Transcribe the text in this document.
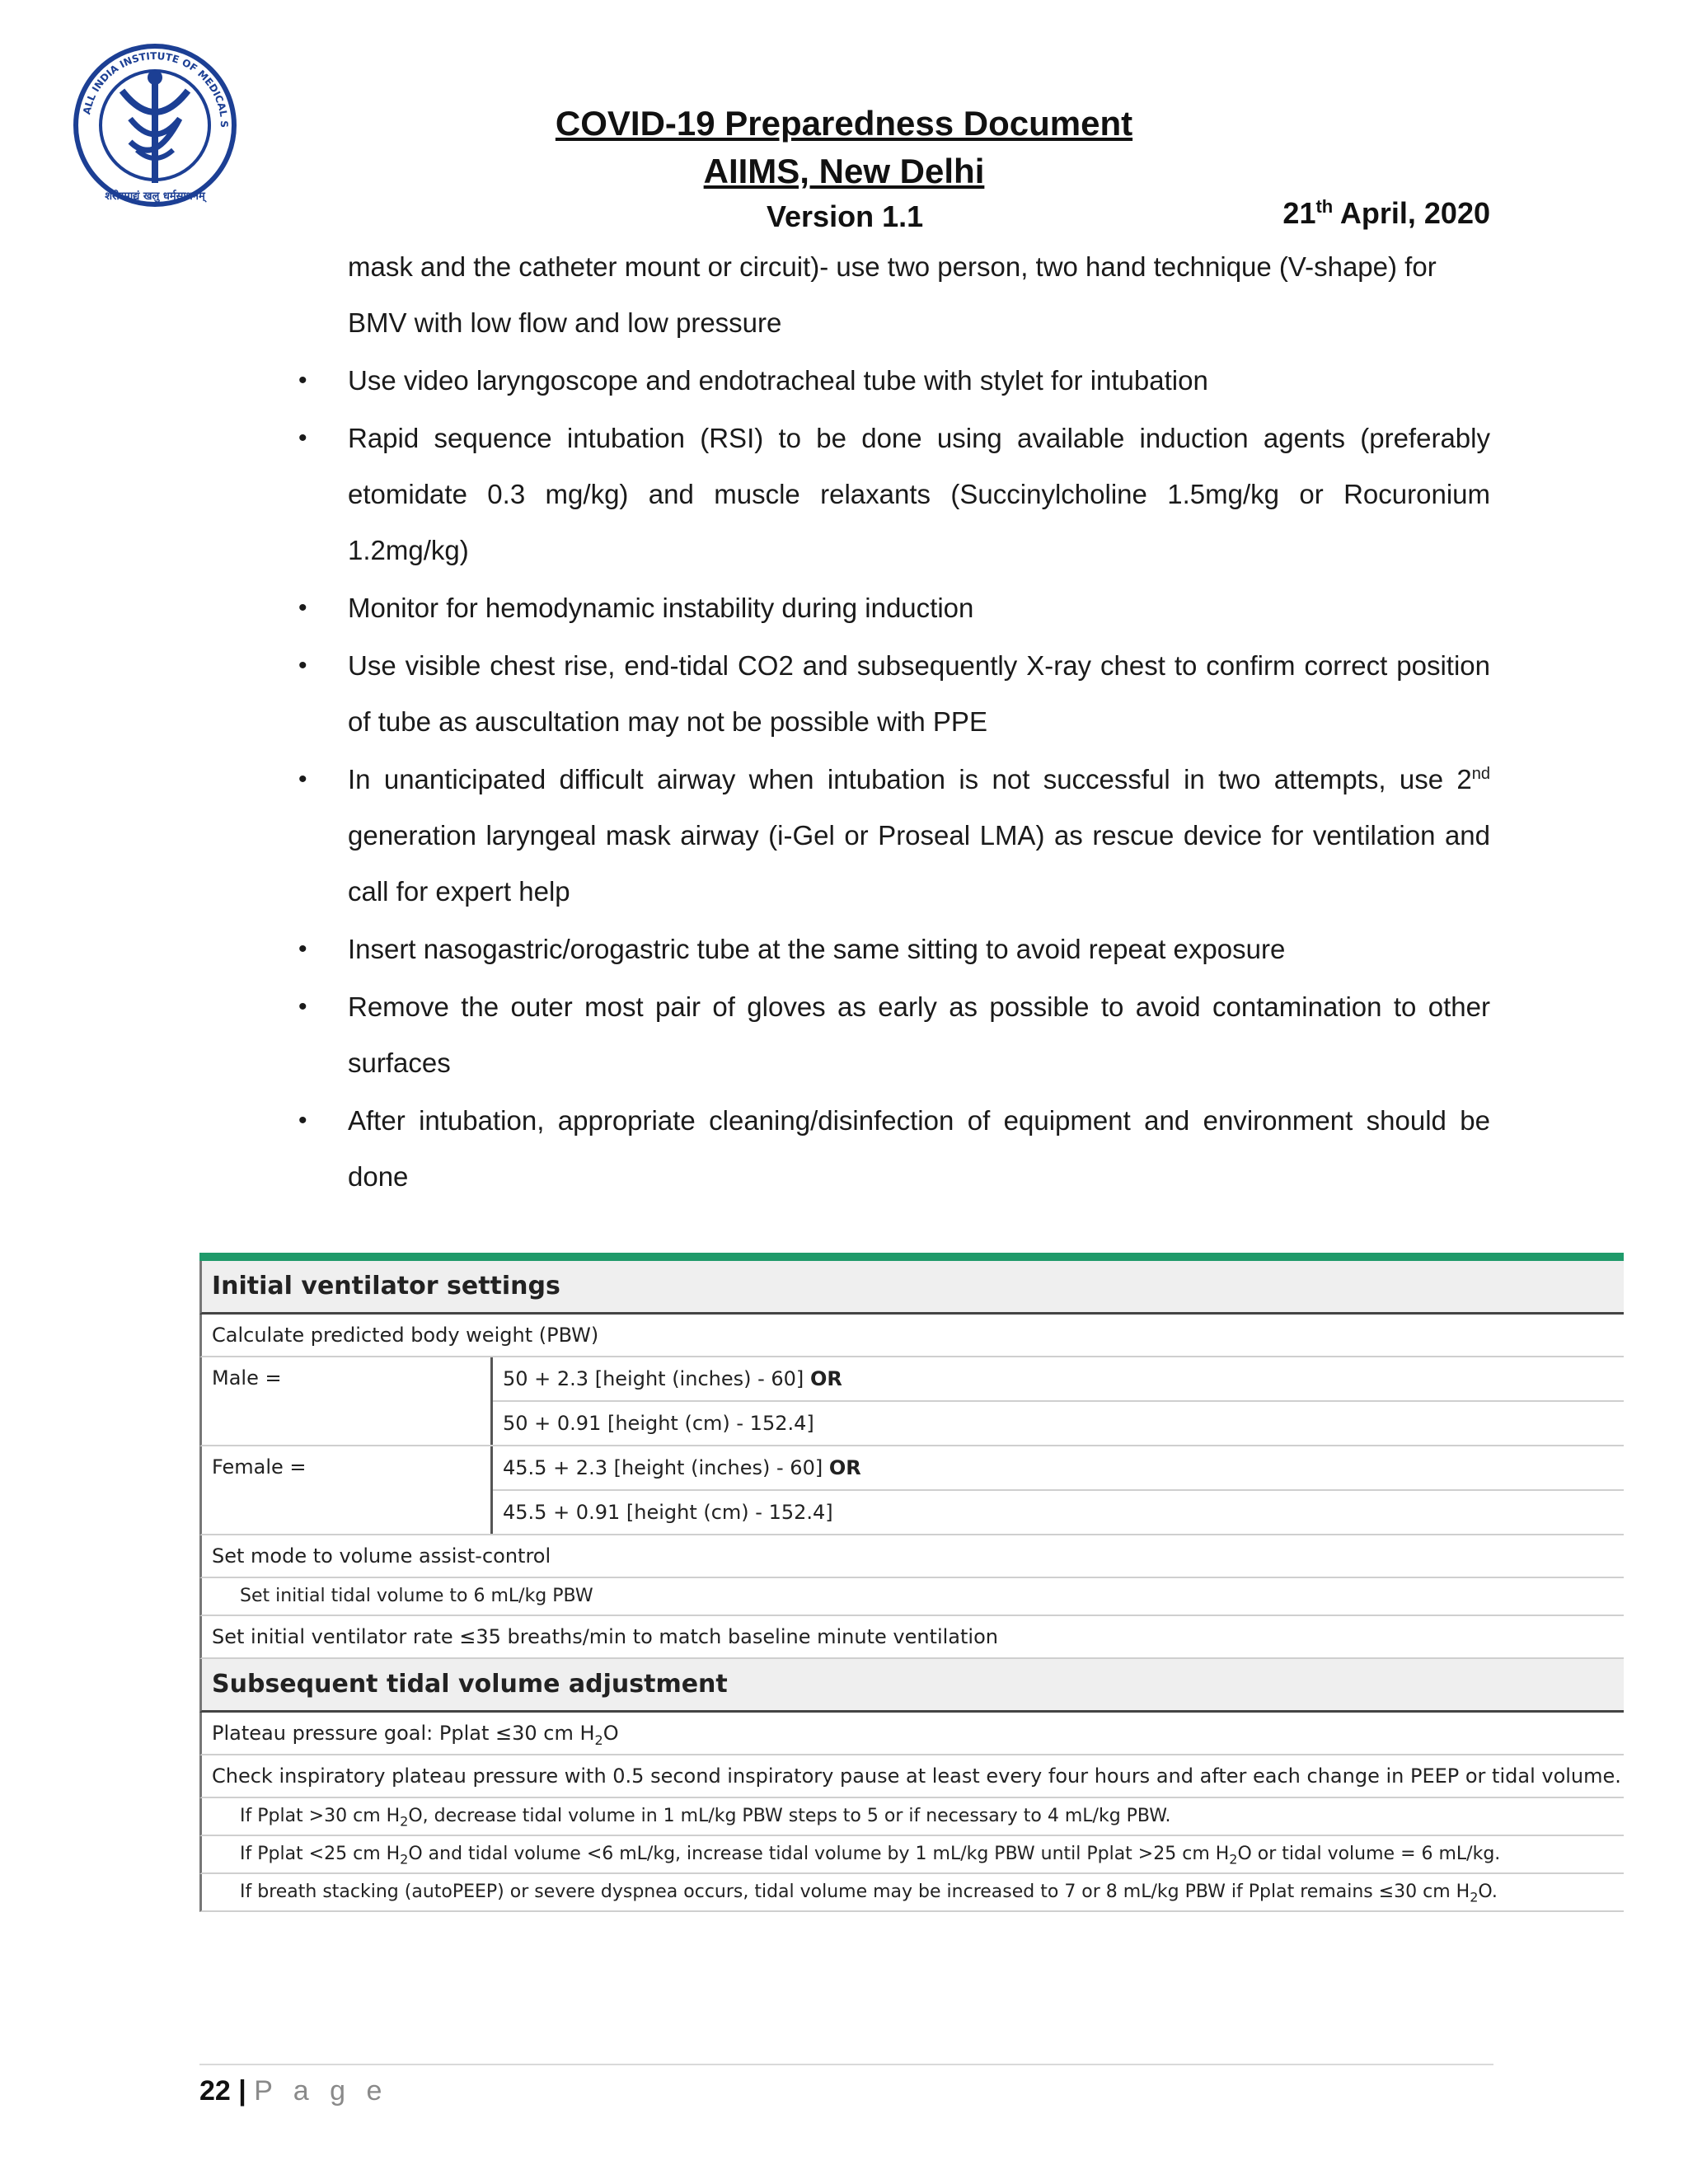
शरीरमाद्यं खलु धर्मसाधनम्
ALL INDIA INSTITUTE OF MEDICAL S	COVID-19 Preparedness Document
AIIMS, New Delhi
Version 1.1	21th April, 2020

mask and the catheter mount or circuit)- use two person, two hand technique (V-shape) for
BMV with low flow and low pressure

• Use video laryngoscope and endotracheal tube with stylet for intubation
• Rapid sequence intubation (RSI) to be done using available induction agents (preferably etomidate 0.3 mg/kg) and muscle relaxants (Succinylcholine 1.5mg/kg or Rocuronium 1.2mg/kg)
• Monitor for hemodynamic instability during induction
• Use visible chest rise, end-tidal CO2 and subsequently X-ray chest to confirm correct position of tube as auscultation may not be possible with PPE
• In unanticipated difficult airway when intubation is not successful in two attempts, use 2nd generation laryngeal mask airway (i-Gel or Proseal LMA) as rescue device for ventilation and call for expert help
• Insert nasogastric/orogastric tube at the same sitting to avoid repeat exposure
• Remove the outer most pair of gloves as early as possible to avoid contamination to other surfaces
• After intubation, appropriate cleaning/disinfection of equipment and environment should be done
Initial ventilator settings
Calculate predicted body weight (PBW)
Male =	50 + 2.3 [height (inches) - 60] OR
50 + 0.91 [height (cm) - 152.4]
Female =	45.5 + 2.3 [height (inches) - 60] OR
45.5 + 0.91 [height (cm) - 152.4]
Set mode to volume assist-control
Set initial tidal volume to 6 mL/kg PBW
Set initial ventilator rate ≤35 breaths/min to match baseline minute ventilation
Subsequent tidal volume adjustment
Plateau pressure goal: Pplat ≤30 cm $H_2O$
Check inspiratory plateau pressure with 0.5 second inspiratory pause at least every four hours and after each change in PEEP or tidal volume.
If Pplat >30 cm $H_2O$, decrease tidal volume in 1 mL/kg PBW steps to 5 or if necessary to 4 mL/kg PBW.
If Pplat <25 cm $H_2O$ and tidal volume <6 mL/kg, increase tidal volume by 1 mL/kg PBW until Pplat >25 cm $H_2O$ or tidal volume = 6 mL/kg.
If breath stacking (autoPEEP) or severe dyspnea occurs, tidal volume may be increased to 7 or 8 mL/kg PBW if Pplat remains ≤30 cm $H_2O$.
22 | P a g e
